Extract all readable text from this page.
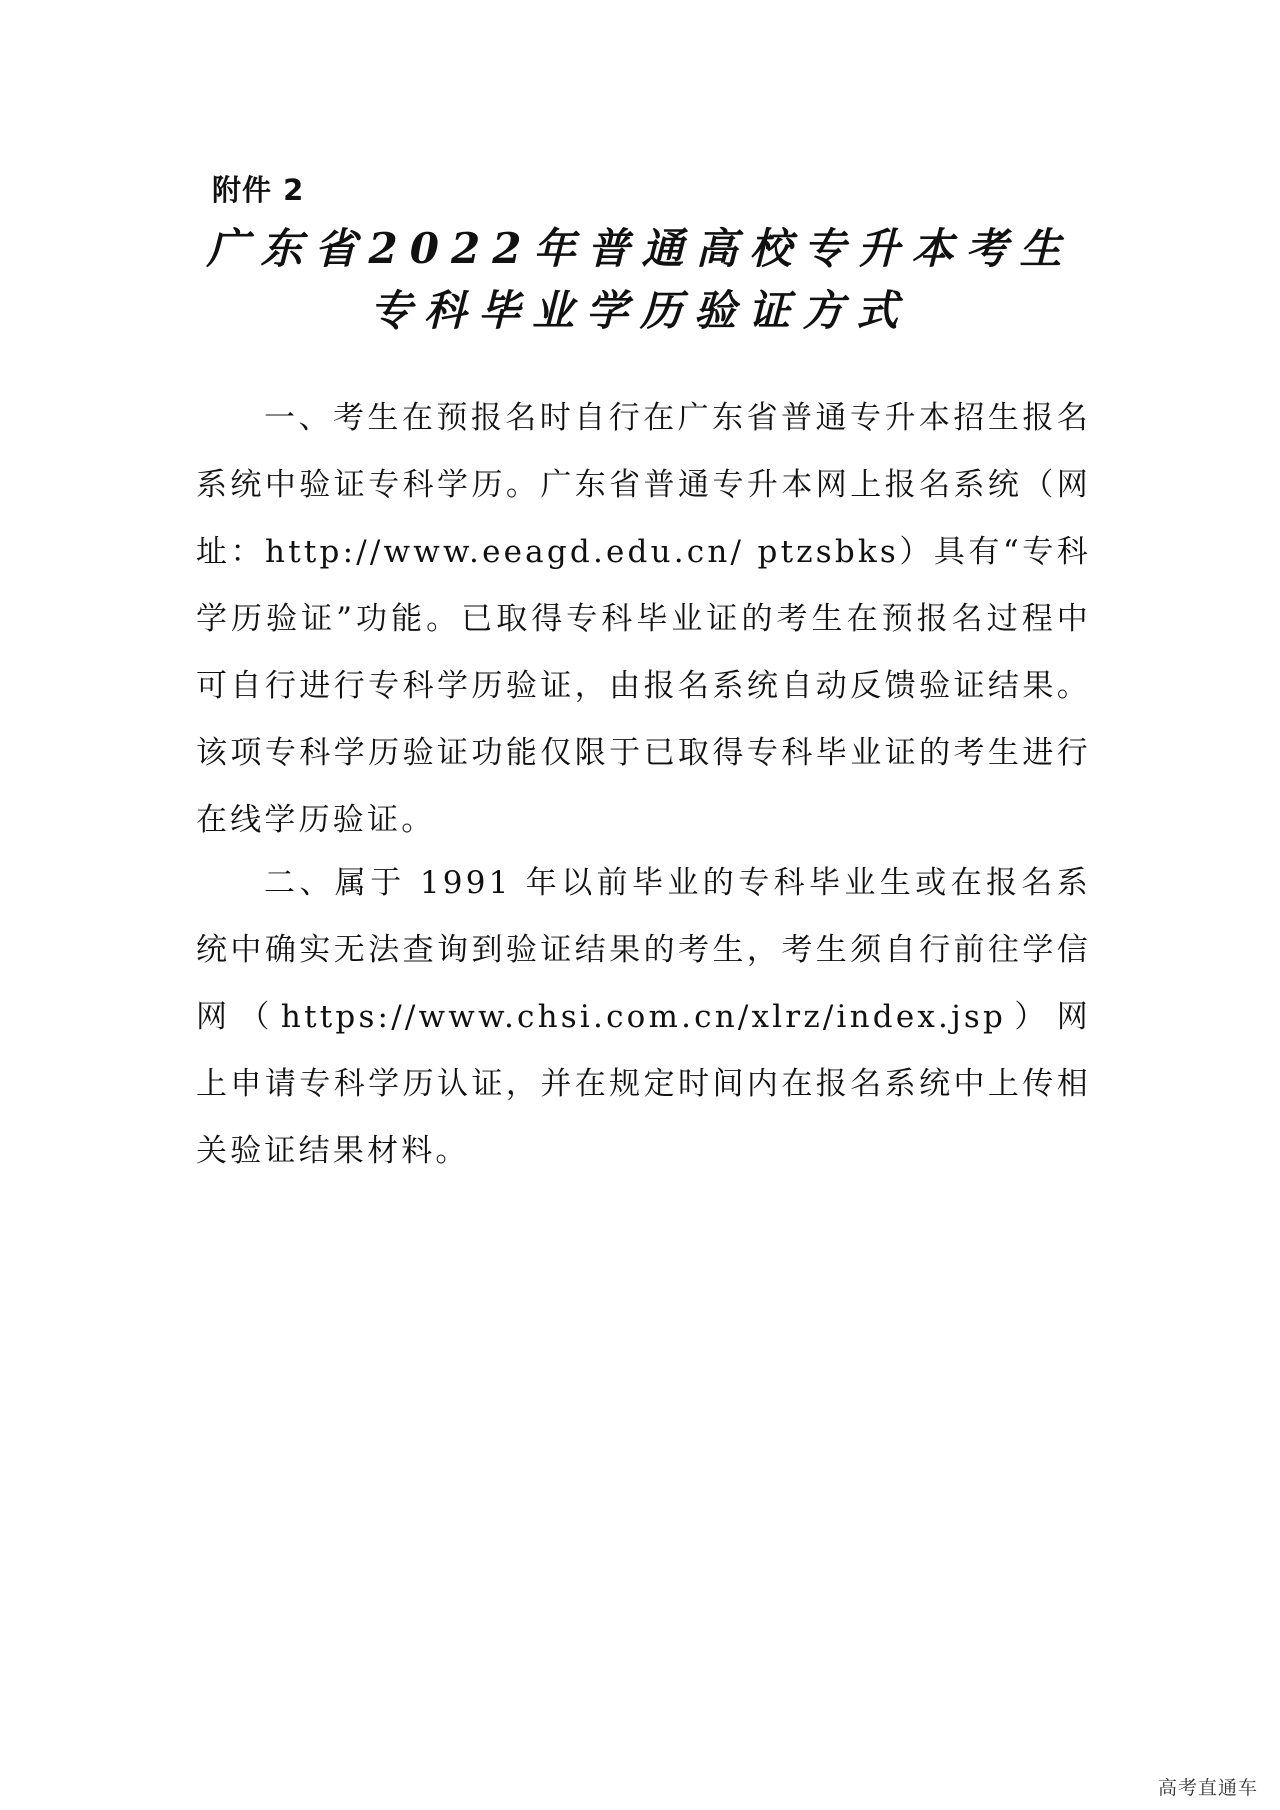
附件 2
广东省2022年普通高校专升本考生
专科毕业学历验证方式

一、考生在预报名时自行在广东省普通专升本招生报名系统中验证专科学历。广东省普通专升本网上报名系统（网址：http://www.eeagd.edu.cn/ ptzsbks）具有“专科学历验证”功能。已取得专科毕业证的考生在预报名过程中可自行进行专科学历验证，由报名系统自动反馈验证结果。该项专科学历验证功能仅限于已取得专科毕业证的考生进行在线学历验证。

二、属于 1991 年以前毕业的专科毕业生或在报名系统中确实无法查询到验证结果的考生，考生须自行前往学信网（https://www.chsi.com.cn/xlrz/index.jsp）网上申请专科学历认证，并在规定时间内在报名系统中上传相关验证结果材料。

高考直通车
